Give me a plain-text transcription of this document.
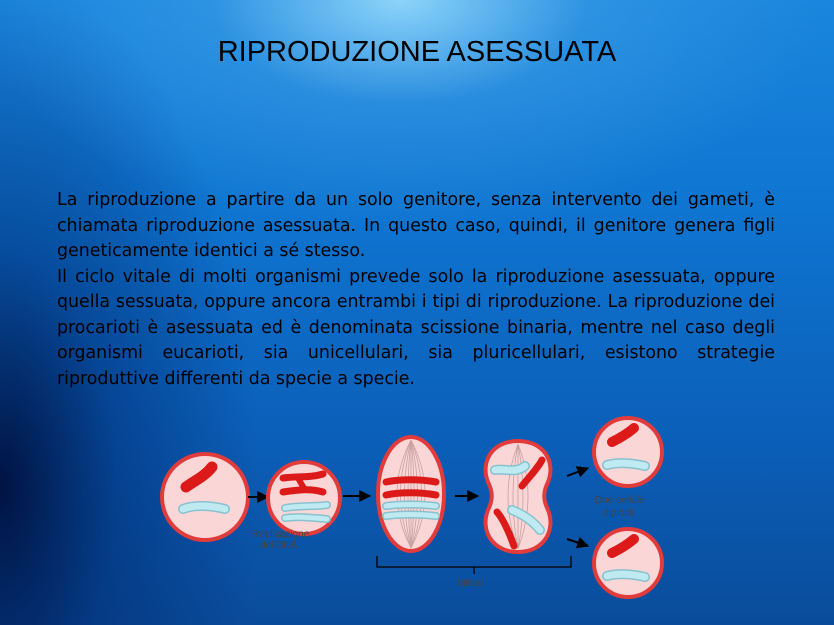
RIPRODUZIONE ASESSUATA

La riproduzione a partire da un solo genitore, senza intervento dei gameti, è chiamata riproduzione asessuata. In questo caso, quindi, il genitore genera figli geneticamente identici a sé stesso.

Il ciclo vitale di molti organismi prevede solo la riproduzione asessuata, oppure quella sessuata, oppure ancora entrambi i tipi di riproduzione. La riproduzione dei procarioti è asessuata ed è denominata scissione binaria, mentre nel caso degli organismi eucarioti, sia unicellulari, sia pluricellulari, esistono strategie riproduttive differenti da specie a specie.

Replicazione
del DNA
Mitosi
Due cellule
diploidi
